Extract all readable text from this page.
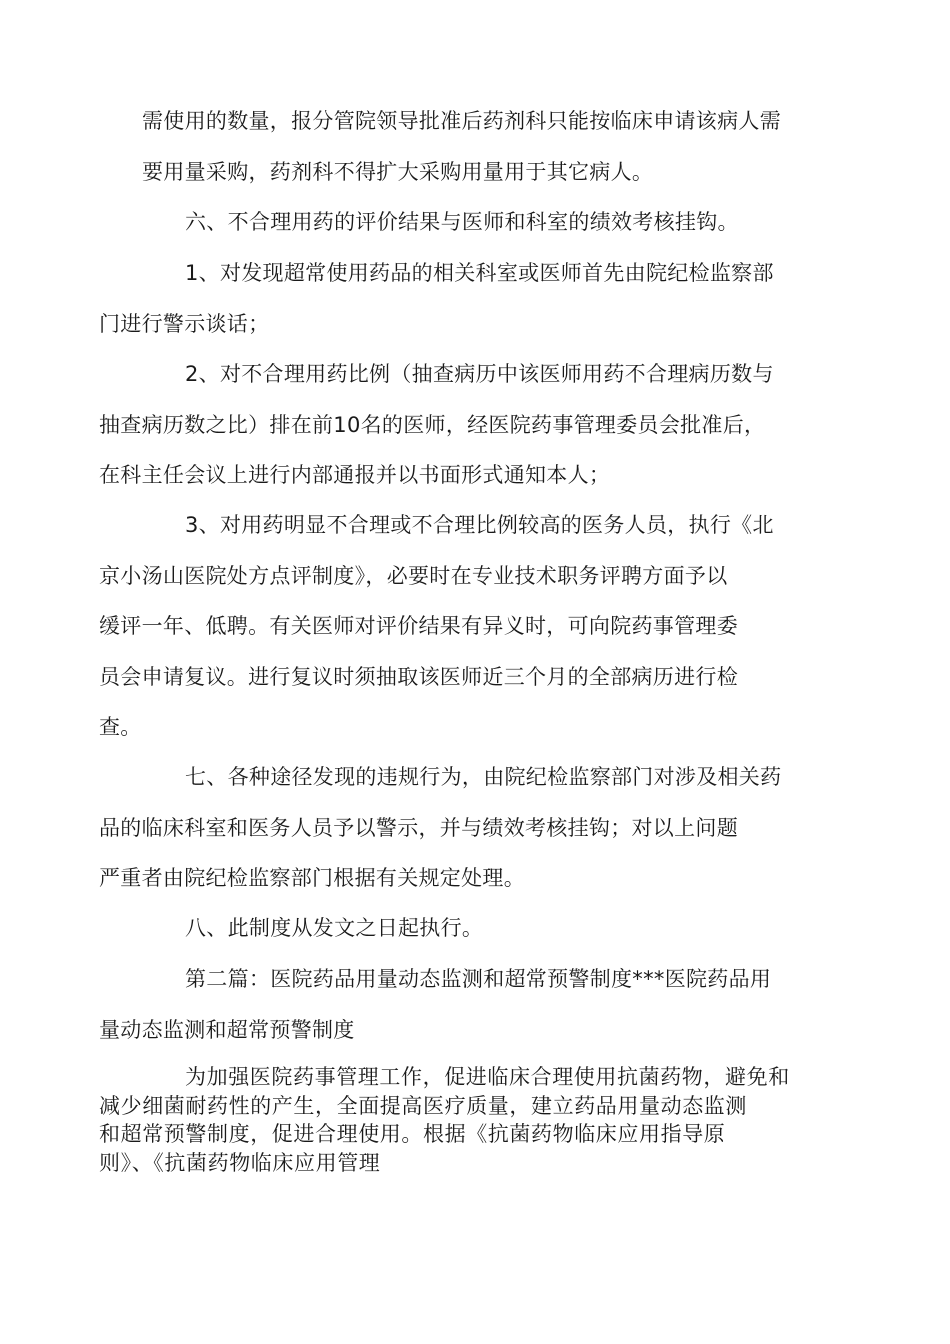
需使用的数量，报分管院领导批准后药剂科只能按临床申请该病人需
要用量采购，药剂科不得扩大采购用量用于其它病人。

六、不合理用药的评价结果与医师和科室的绩效考核挂钩。

1、对发现超常使用药品的相关科室或医师首先由院纪检监察部
门进行警示谈话；

2、对不合理用药比例（抽查病历中该医师用药不合理病历数与
抽查病历数之比）排在前10名的医师，经医院药事管理委员会批准后，
在科主任会议上进行内部通报并以书面形式通知本人；

3、对用药明显不合理或不合理比例较高的医务人员，执行《北
京小汤山医院处方点评制度》，必要时在专业技术职务评聘方面予以
缓评一年、低聘。有关医师对评价结果有异义时，可向院药事管理委
员会申请复议。进行复议时须抽取该医师近三个月的全部病历进行检
查。

七、各种途径发现的违规行为，由院纪检监察部门对涉及相关药
品的临床科室和医务人员予以警示，并与绩效考核挂钩；对以上问题
严重者由院纪检监察部门根据有关规定处理。

八、此制度从发文之日起执行。

第二篇：医院药品用量动态监测和超常预警制度***医院药品用
量动态监测和超常预警制度

为加强医院药事管理工作，促进临床合理使用抗菌药物，避免和
减少细菌耐药性的产生，全面提高医疗质量，建立药品用量动态监测
和超常预警制度，促进合理使用。根据《抗菌药物临床应用指导原
则》、《抗菌药物临床应用管理
